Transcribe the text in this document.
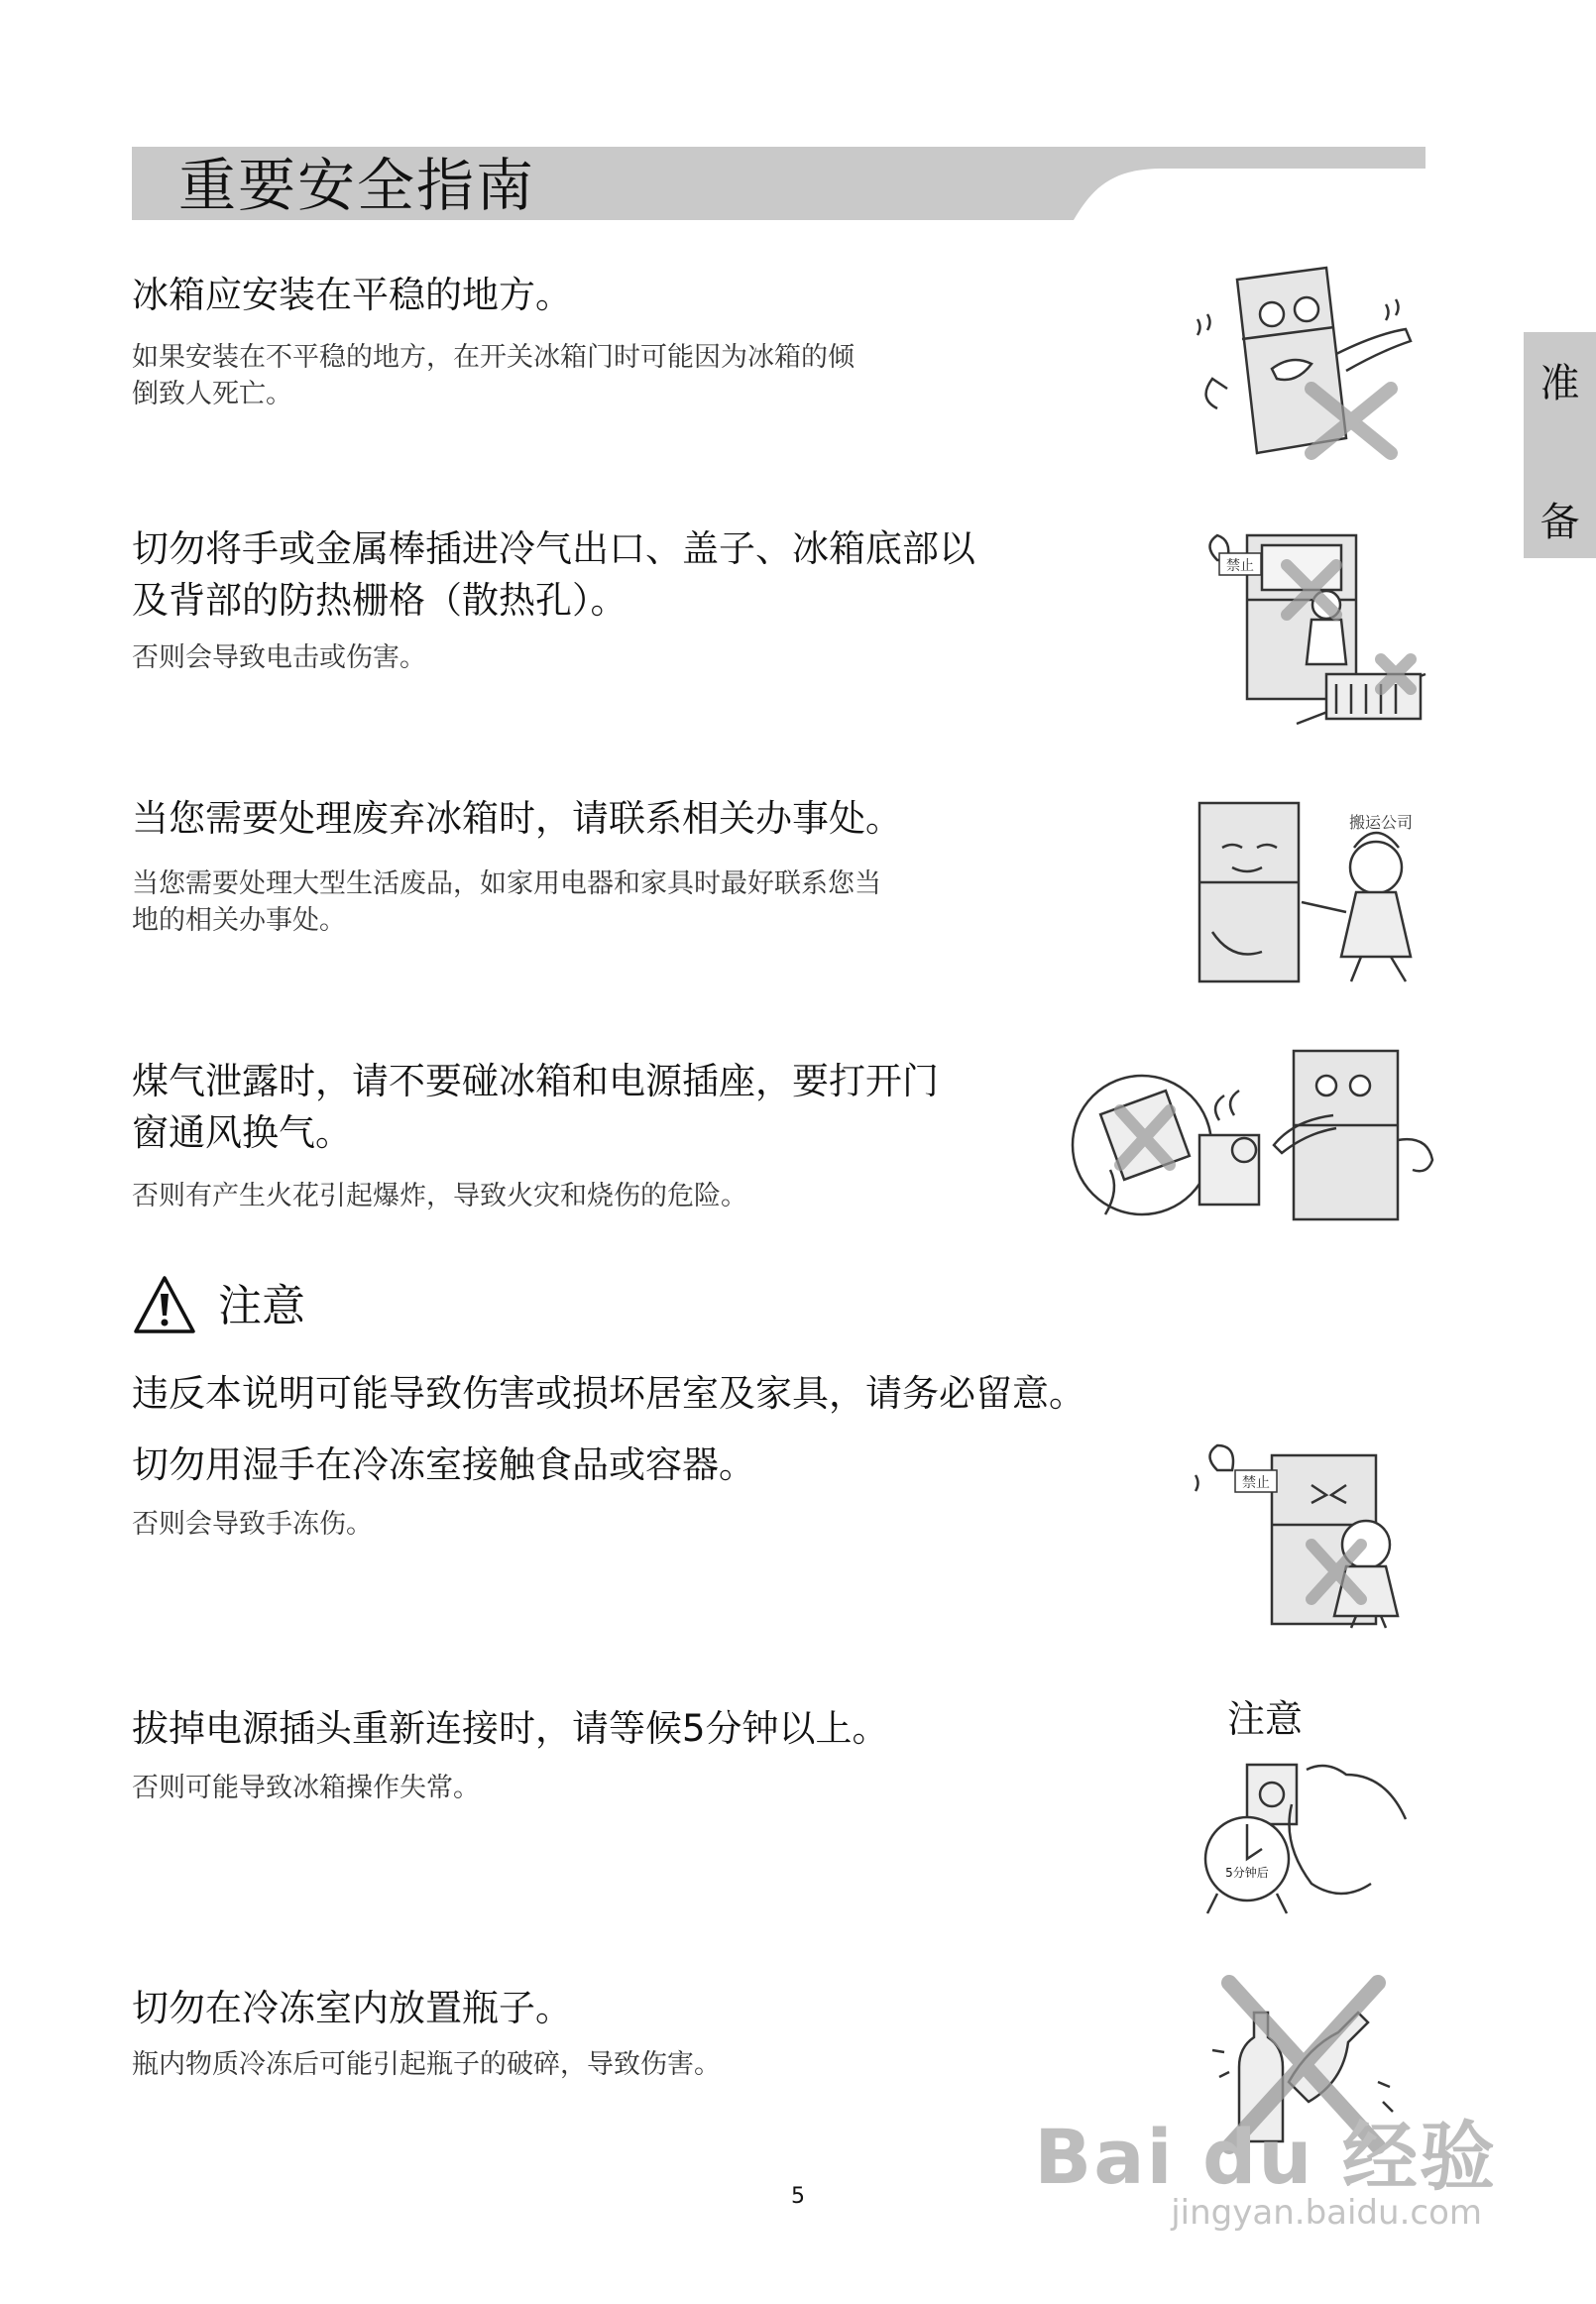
重要安全指南
准
备
冰箱应安装在平稳的地方。
如果安装在不平稳的地方，在开关冰箱门时可能因为冰箱的倾
倒致人死亡。
切勿将手或金属棒插进冷气出口、盖子、冰箱底部以
及背部的防热栅格（散热孔）。
否则会导致电击或伤害。
禁止
当您需要处理废弃冰箱时，请联系相关办事处。
当您需要处理大型生活废品，如家用电器和家具时最好联系您当
地的相关办事处。
搬运公司
煤气泄露时，请不要碰冰箱和电源插座，要打开门
窗通风换气。
否则有产生火花引起爆炸，导致火灾和烧伤的危险。
注意
违反本说明可能导致伤害或损坏居室及家具，请务必留意。
切勿用湿手在冷冻室接触食品或容器。
否则会导致手冻伤。
禁止
拔掉电源插头重新连接时，请等候5分钟以上。
否则可能导致冰箱操作失常。
注意
5分钟后
切勿在冷冻室内放置瓶子。
瓶内物质冷冻后可能引起瓶子的破碎，导致伤害。
5	Bai du 经验
jingyan.baidu.com
